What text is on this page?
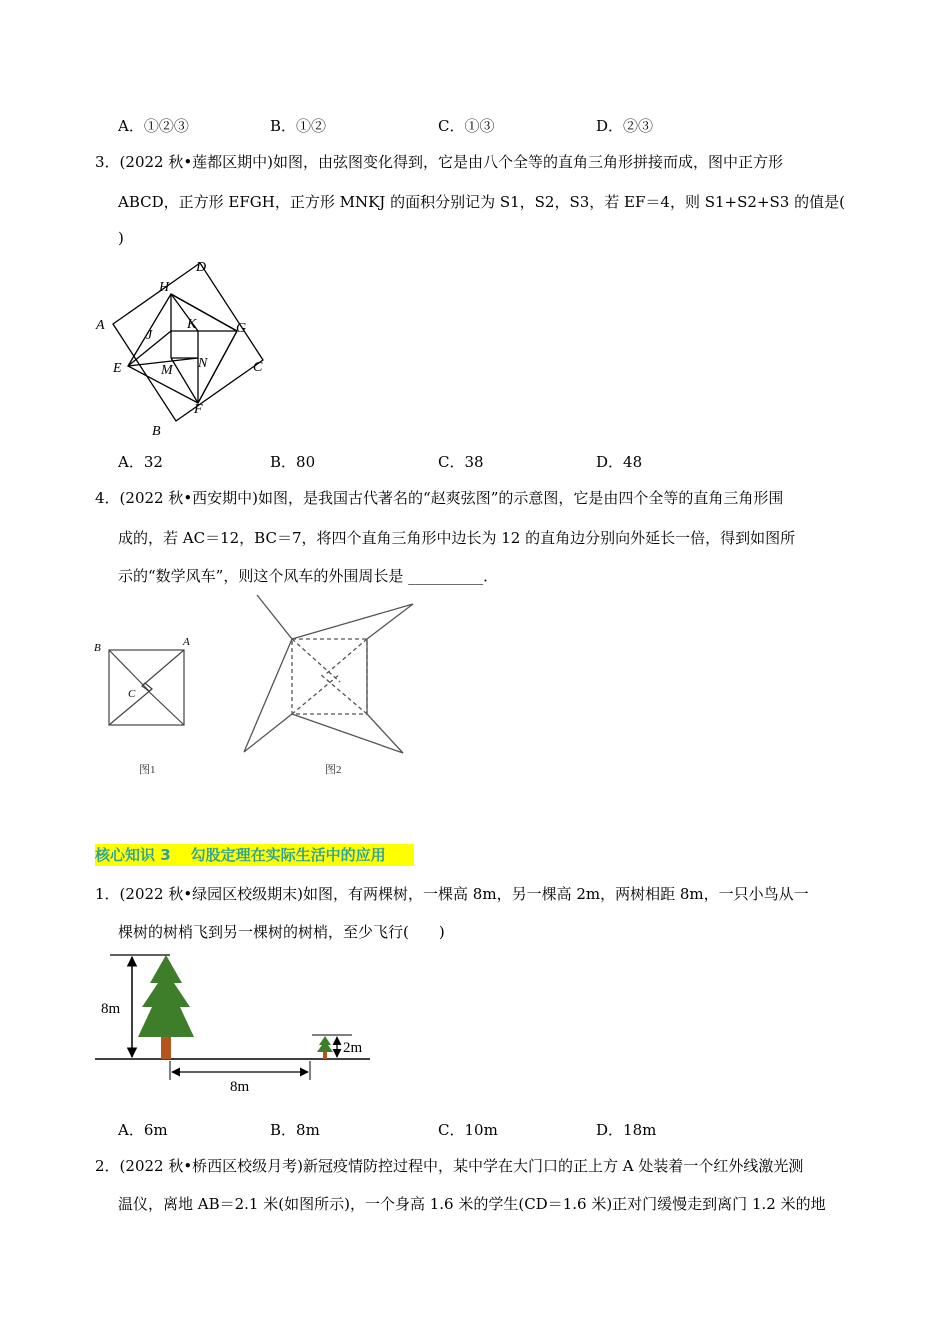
A．①②③	B．①②	C．①③	D．②③
3．(2022 秋•莲都区期中)如图，由弦图变化得到，它是由八个全等的直角三角形拼接而成，图中正方形
ABCD，正方形 EFGH，正方形 MNKJ 的面积分别记为 S1，S2，S3，若 EF＝4，则 S1+S2+S3 的值是(
)
A
B
C
D
E
F
G
H
J
K
M N
A．32	B．80	C．38	D．48
4．(2022 秋•西安期中)如图，是我国古代著名的“赵爽弦图”的示意图，它是由四个全等的直角三角形围
成的，若 AC＝12，BC＝7，将四个直角三角形中边长为 12 的直角边分别向外延长一倍，得到如图所
示的“数学风车”，则这个风车的外围周长是 __________．
B	A
C
图1	图2
核心知识 3 勾股定理在实际生活中的应用
1．(2022 秋•绿园区校级期末)如图，有两棵树，一棵高 8m，另一棵高 2m，两树相距 8m，一只小鸟从一
棵树的树梢飞到另一棵树的树梢，至少飞行(　　)
8m
2m
8m
A．6m	B．8m	C．10m	D．18m
2．(2022 秋•桥西区校级月考)新冠疫情防控过程中，某中学在大门口的正上方 A 处装着一个红外线激光测
温仪，离地 AB＝2.1 米(如图所示)，一个身高 1.6 米的学生(CD＝1.6 米)正对门缓慢走到离门 1.2 米的地
